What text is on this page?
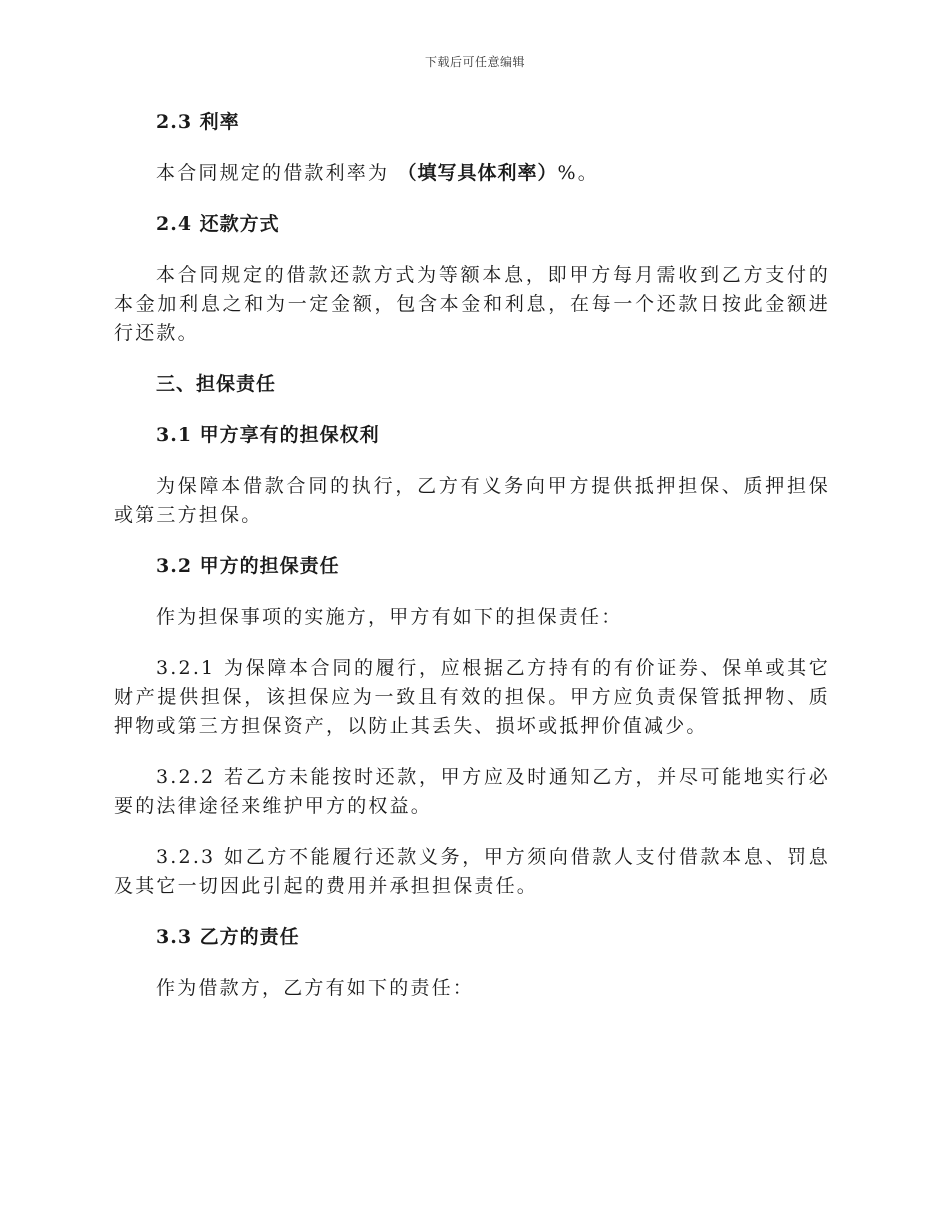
下载后可任意编辑

2.3 利率

本合同规定的借款利率为 （填写具体利率）%。

2.4 还款方式

本合同规定的借款还款方式为等额本息，即甲方每月需收到乙方支付的本金加利息之和为一定金额，包含本金和利息，在每一个还款日按此金额进行还款。

三、担保责任

3.1 甲方享有的担保权利

为保障本借款合同的执行，乙方有义务向甲方提供抵押担保、质押担保或第三方担保。

3.2 甲方的担保责任

作为担保事项的实施方，甲方有如下的担保责任：

3.2.1 为保障本合同的履行，应根据乙方持有的有价证券、保单或其它财产提供担保，该担保应为一致且有效的担保。甲方应负责保管抵押物、质押物或第三方担保资产，以防止其丢失、损坏或抵押价值减少。

3.2.2 若乙方未能按时还款，甲方应及时通知乙方，并尽可能地实行必要的法律途径来维护甲方的权益。

3.2.3 如乙方不能履行还款义务，甲方须向借款人支付借款本息、罚息及其它一切因此引起的费用并承担担保责任。

3.3 乙方的责任

作为借款方，乙方有如下的责任：
